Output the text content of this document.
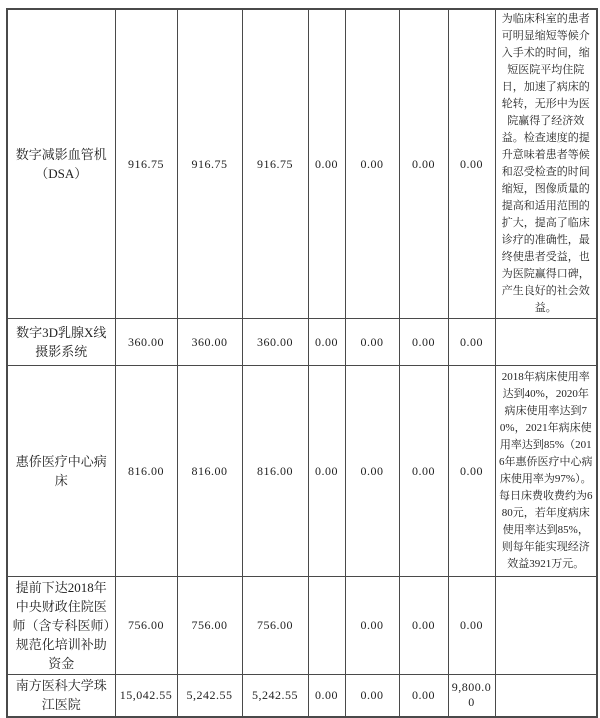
数字减影血管机（DSA）	916.75	916.75	916.75	0.00	0.00	0.00	0.00	为临床科室的患者可明显缩短等候介入手术的时间，缩短医院平均住院日，加速了病床的轮转，无形中为医院赢得了经济效益。检查速度的提升意味着患者等候和忍受检查的时间缩短，图像质量的提高和适用范围的扩大，提高了临床诊疗的准确性，最终使患者受益，也为医院赢得口碑，产生良好的社会效益。
数字3D乳腺X线摄影系统	360.00	360.00	360.00	0.00	0.00	0.00	0.00	
惠侨医疗中心病床	816.00	816.00	816.00	0.00	0.00	0.00	0.00	2018年病床使用率达到40%，2020年病床使用率达到70%，2021年病床使用率达到85%（2016年惠侨医疗中心病床使用率为97%）。每日床费收费约为680元，若年度病床使用率达到85%，则每年能实现经济效益3921万元。
提前下达2018年中央财政住院医师（含专科医师）规范化培训补助资金	756.00	756.00	756.00		0.00	0.00	0.00	
南方医科大学珠江医院	15,042.55	5,242.55	5,242.55	0.00	0.00	0.00	9,800.00	
